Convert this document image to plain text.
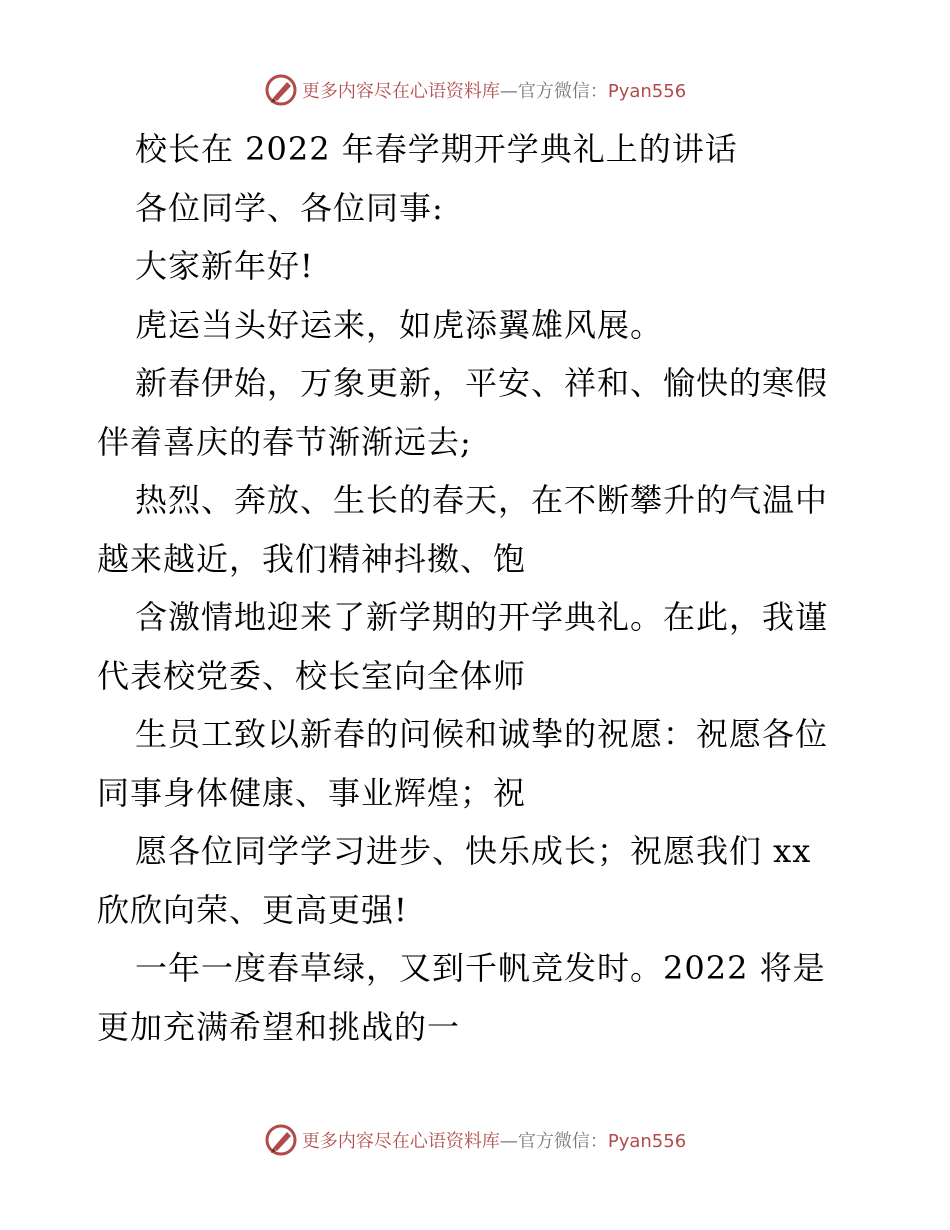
更多内容尽在心语资料库—官方微信：Pyan556
校长在 2022 年春学期开学典礼上的讲话
各位同学、各位同事:
大家新年好!
虎运当头好运来，如虎添翼雄风展。
新春伊始，万象更新，平安、祥和、愉快的寒假
伴着喜庆的春节渐渐远去;
热烈、奔放、生长的春天，在不断攀升的气温中
越来越近，我们精神抖擞、饱
含激情地迎来了新学期的开学典礼。在此，我谨
代表校党委、校长室向全体师
生员工致以新春的问候和诚挚的祝愿：祝愿各位
同事身体健康、事业辉煌；祝
愿各位同学学习进步、快乐成长；祝愿我们 xx
欣欣向荣、更高更强!
一年一度春草绿，又到千帆竞发时。2022 将是
更加充满希望和挑战的一
更多内容尽在心语资料库—官方微信：Pyan556
